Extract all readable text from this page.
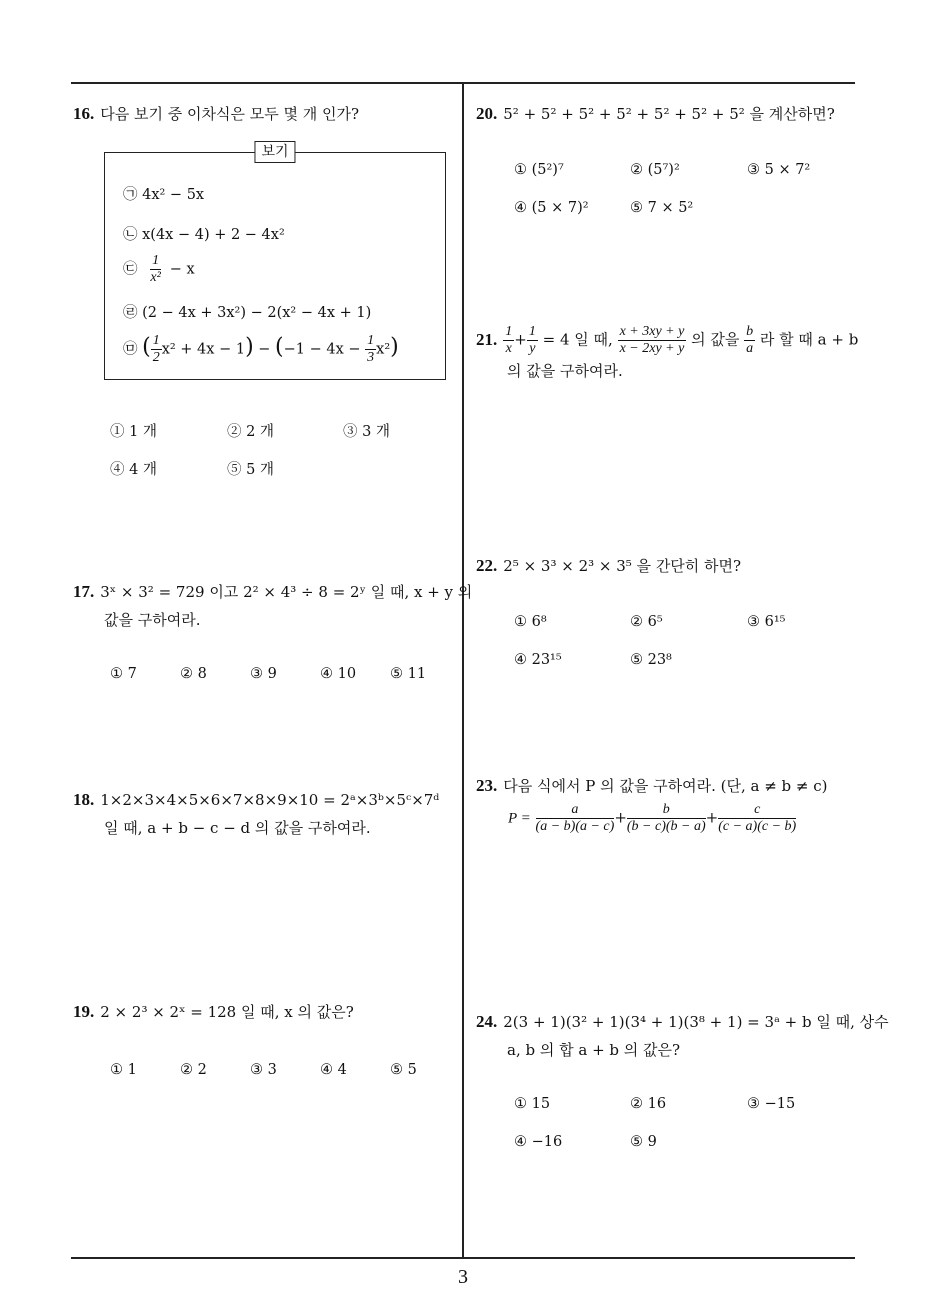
16. 다음 보기 중 이차식은 모두 몇 개 인가?
보기
㉠ 4x² − 5x
㉡ x(4x − 4) + 2 − 4x²
㉢ $\frac{1}{\text{x²}} - x$
㉣ (2 − 4x + 3x²) − 2(x² − 4x + 1)
㉤ ( $\frac{1}{2} x^2 + 4x - 1) - (-1 - 4x - \frac{1}{3} x^2)$
① 1 개	② 2 개	③ 3 개
④ 4 개	⑤ 5 개
17. 3ˣ × 3² = 729 이고 2² × 4³ ÷ 8 = 2ʸ 일 때, x + y 의
값을 구하여라.
① 7	② 8	③ 9	④ 10 ⑤ 11
18. 1×2×3×4×5×6×7×8×9×10 = 2ᵃ×3ᵇ×5ᶜ×7ᵈ
일 때, a + b − c − d 의 값을 구하여라.
19. 2 × 2³ × 2ˣ = 128 일 때, x 의 값은?
① 1	② 2	③ 3	④ 4	⑤ 5
20. 5² + 5² + 5² + 5² + 5² + 5² + 5² 을 계산하면?
① (5²)⁷	② (5⁷)²	③ 5 × 7²
④ (5 × 7)²	⑤ 7 × 5²
21. $\frac{1}{x} + \frac{1}{y} = 4$ 일 때, $\frac{x + 3xy + y}{x - 2xy + y}$ 의 값을 $\frac{b}{a}$ 라 할 때 a + b
의 값을 구하여라.
22. 2⁵ × 3³ × 2³ × 3⁵ 을 간단히 하면?
① 6⁸	② 6⁵	③ 6¹⁵
④ 23¹⁵	⑤ 23⁸
23. 다음 식에서 P 의 값을 구하여라. (단, a ≠ b ≠ c)
$P = \frac{a}{(a - b)(a - c)} + \frac{b}{(b - c)(b - a)} + \frac{c}{(c - a)(c - b)}$
24. 2(3 + 1)(3² + 1)(3⁴ + 1)(3⁸ + 1) = 3ᵃ + b 일 때, 상수
a, b 의 합 a + b 의 값은?
① 15	② 16	③ −15
④ −16	⑤ 9
3
